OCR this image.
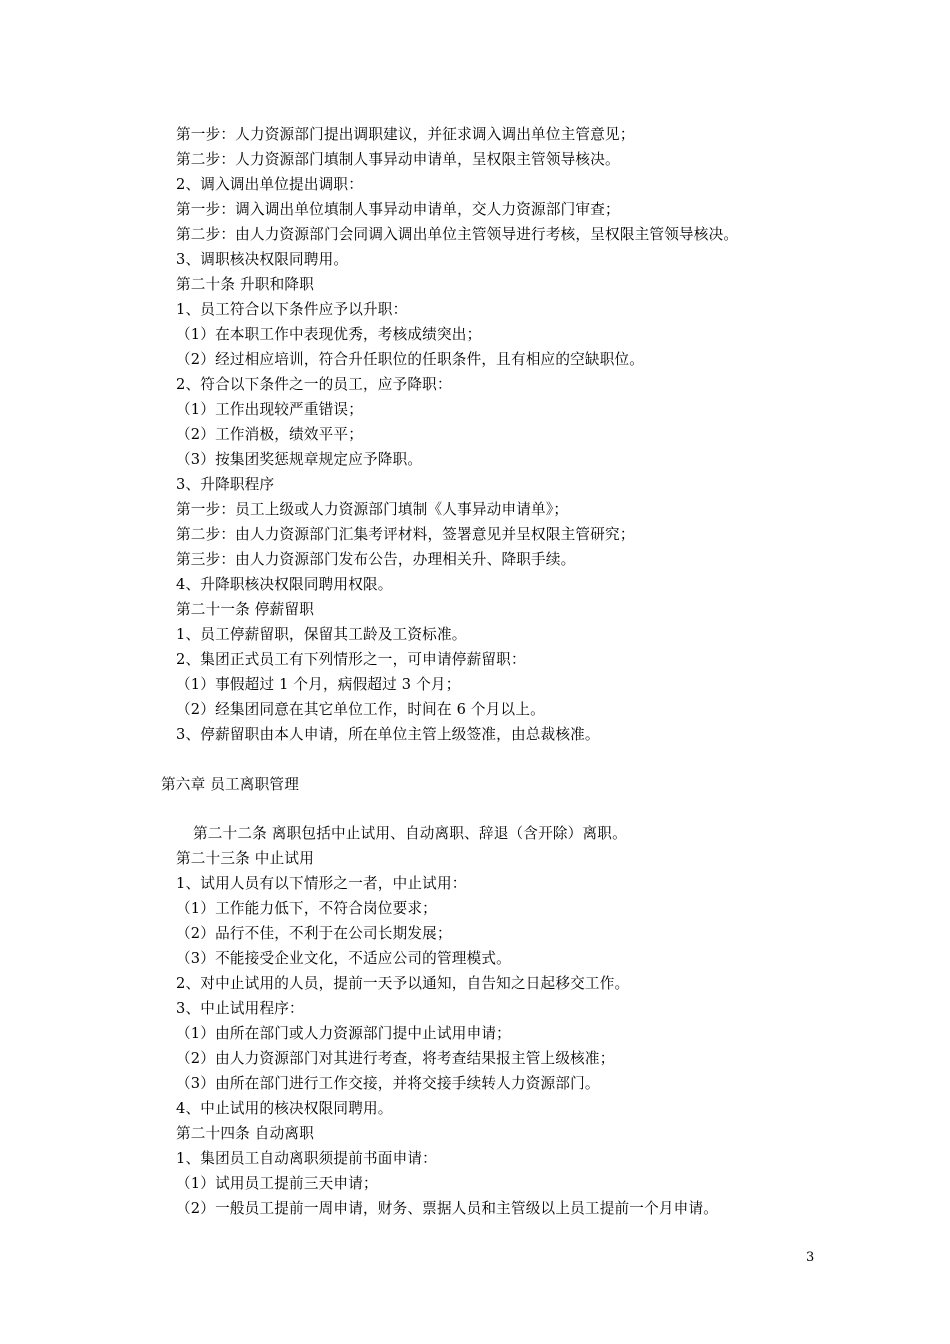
第一步：人力资源部门提出调职建议，并征求调入调出单位主管意见；
第二步：人力资源部门填制人事异动申请单，呈权限主管领导核决。
2、调入调出单位提出调职：
第一步：调入调出单位填制人事异动申请单，交人力资源部门审查；
第二步：由人力资源部门会同调入调出单位主管领导进行考核，呈权限主管领导核决。
3、调职核决权限同聘用。
第二十条 升职和降职
1、员工符合以下条件应予以升职：
（1）在本职工作中表现优秀，考核成绩突出；
（2）经过相应培训，符合升任职位的任职条件，且有相应的空缺职位。
2、符合以下条件之一的员工，应予降职：
（1）工作出现较严重错误；
（2）工作消极，绩效平平；
（3）按集团奖惩规章规定应予降职。
3、升降职程序
第一步：员工上级或人力资源部门填制《人事异动申请单》；
第二步：由人力资源部门汇集考评材料，签署意见并呈权限主管研究；
第三步：由人力资源部门发布公告，办理相关升、降职手续。
4、升降职核决权限同聘用权限。
第二十一条 停薪留职
1、员工停薪留职，保留其工龄及工资标准。
2、集团正式员工有下列情形之一，可申请停薪留职：
（1）事假超过 1 个月，病假超过 3 个月；
（2）经集团同意在其它单位工作，时间在 6 个月以上。
3、停薪留职由本人申请，所在单位主管上级签准，由总裁核准。
第六章 员工离职管理
第二十二条 离职包括中止试用、自动离职、辞退（含开除）离职。
第二十三条 中止试用
1、试用人员有以下情形之一者，中止试用：
（1）工作能力低下，不符合岗位要求；
（2）品行不佳，不利于在公司长期发展；
（3）不能接受企业文化，不适应公司的管理模式。
2、对中止试用的人员，提前一天予以通知，自告知之日起移交工作。
3、中止试用程序：
（1）由所在部门或人力资源部门提中止试用申请；
（2）由人力资源部门对其进行考查，将考查结果报主管上级核准；
（3）由所在部门进行工作交接，并将交接手续转人力资源部门。
4、中止试用的核决权限同聘用。
第二十四条 自动离职
1、集团员工自动离职须提前书面申请：
（1）试用员工提前三天申请；
（2）一般员工提前一周申请，财务、票据人员和主管级以上员工提前一个月申请。
3
